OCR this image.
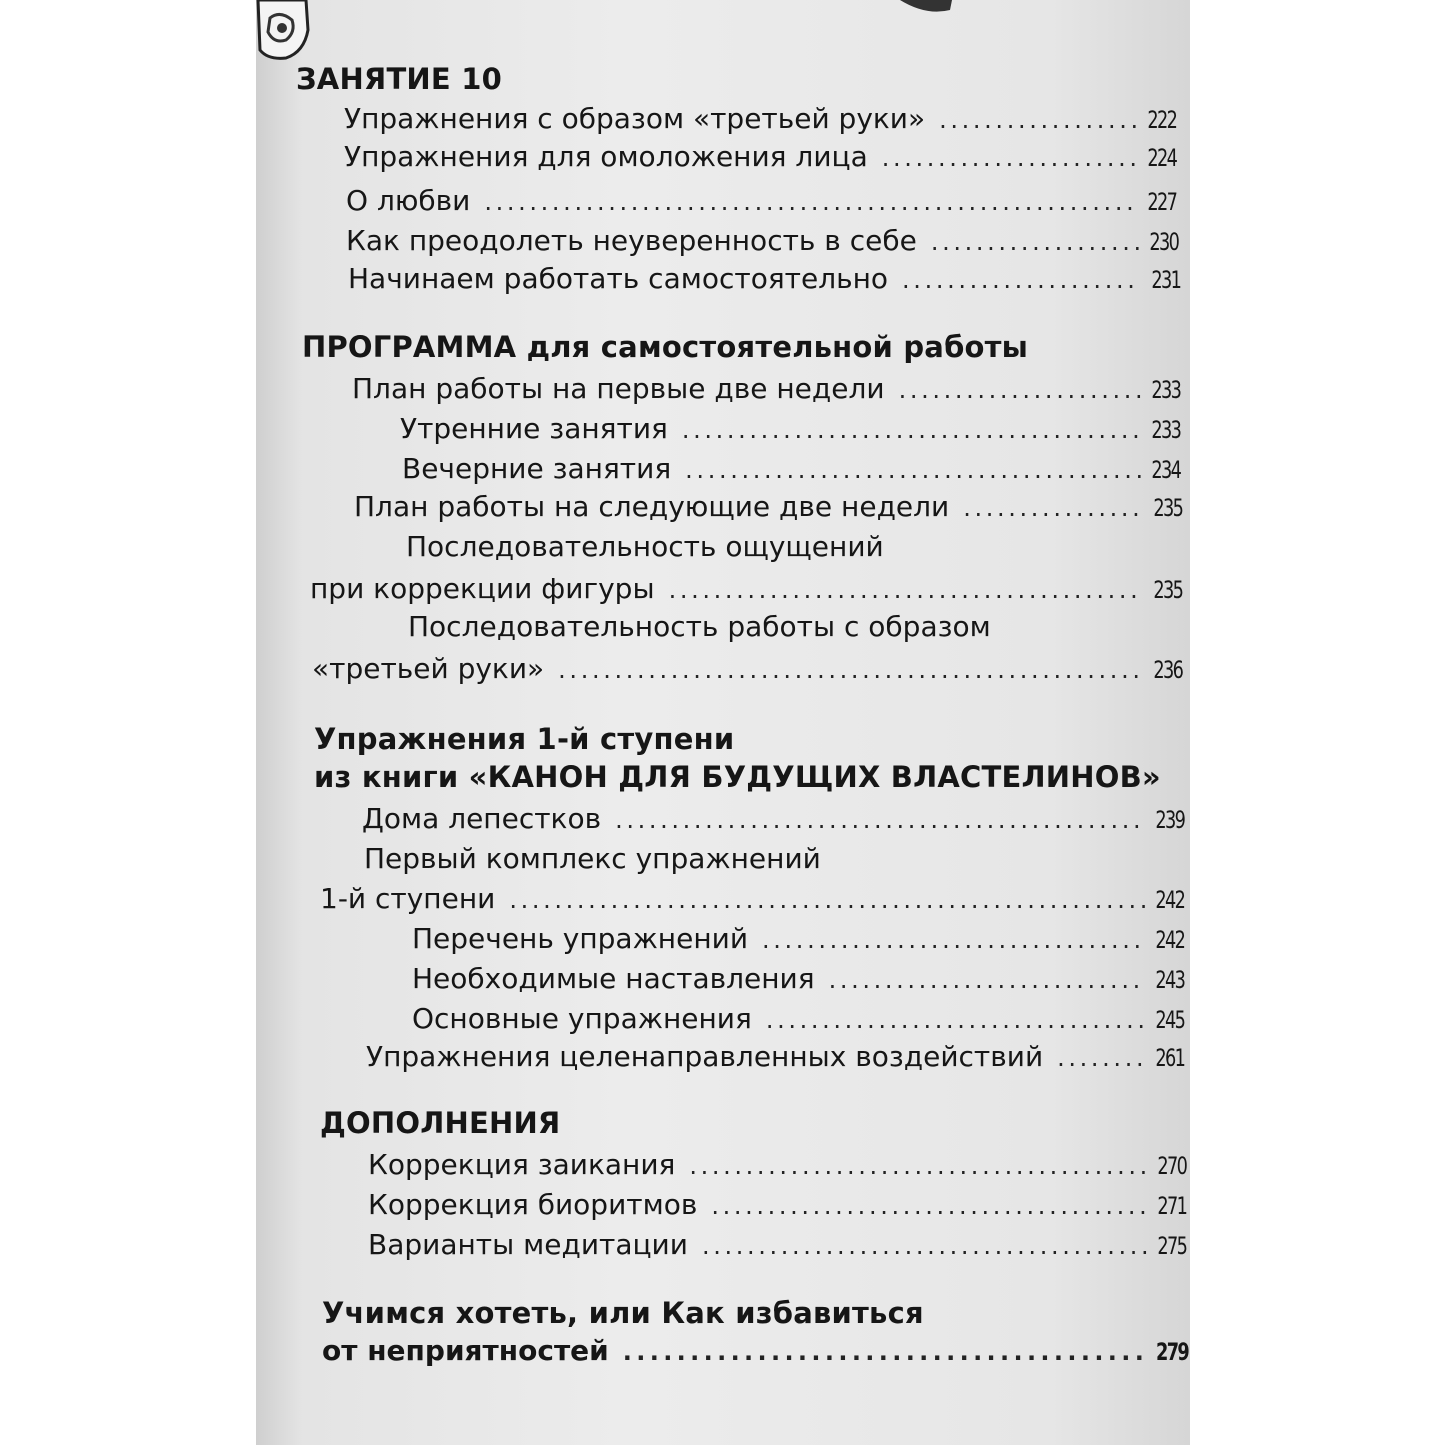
ЗАНЯТИЕ 10
Упражнения с образом «третьей руки» . . .	222
Упражнения для омоложения лица . . .	224
О любви . . .	227
Как преодолеть неуверенность в себе . . .	230
Начинаем работать самостоятельно . . .	231
ПРОГРАММА для самостоятельной работы
План работы на первые две недели . . .	233
Утренние занятия . . .	233
Вечерние занятия . . .	234
План работы на следующие две недели . . .	235
Последовательность ощущений
при коррекции фигуры . . .	235
Последовательность работы с образом
«третьей руки» . . .	236
Упражнения 1-й ступени
из книги «КАНОН ДЛЯ БУДУЩИХ ВЛАСТЕЛИНОВ»
Дома лепестков . . .	239
Первый комплекс упражнений
1-й ступени . . .	242
Перечень упражнений . . .	242
Необходимые наставления . . .	243
Основные упражнения . . .	245
Упражнения целенаправленных воздействий . . .	261
ДОПОЛНЕНИЯ
Коррекция заикания . . .	270
Коррекция биоритмов . . .	271
Варианты медитации . . .	275
Учимся хотеть, или Как избавиться
от неприятностей . . .	279
